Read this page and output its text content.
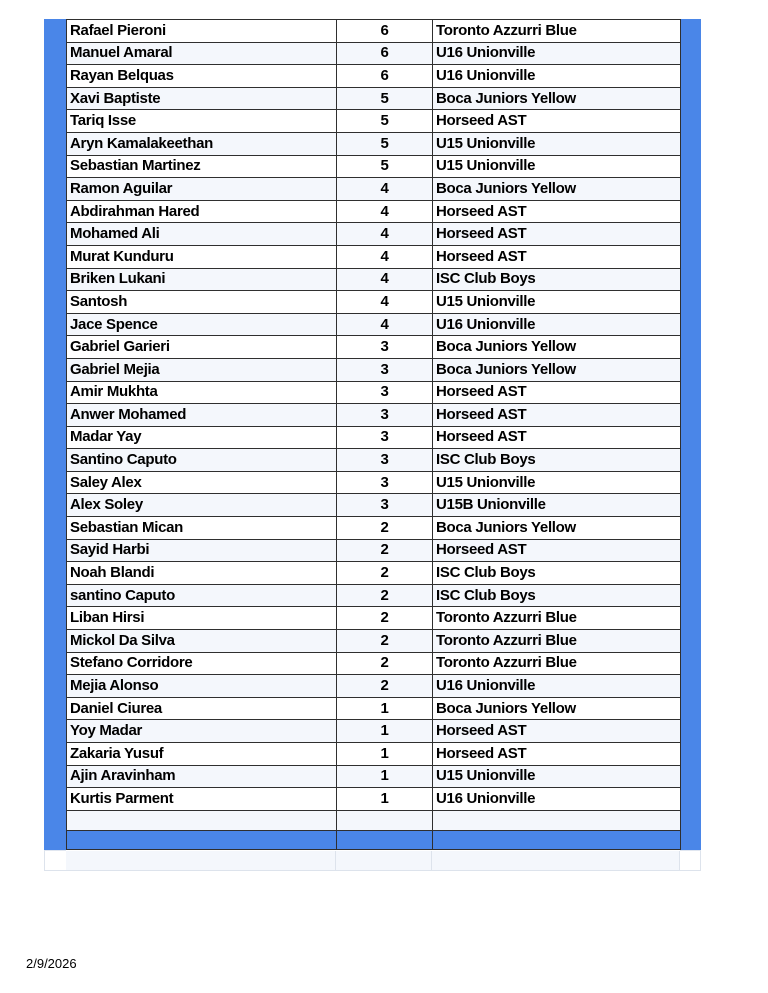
Rafael Pieroni	6	Toronto Azzurri Blue
Manuel Amaral	6	U16 Unionville
Rayan Belquas	6	U16 Unionville
Xavi Baptiste	5	Boca Juniors Yellow
Tariq Isse	5	Horseed AST
Aryn Kamalakeethan	5	U15 Unionville
Sebastian Martinez	5	U15 Unionville
Ramon Aguilar	4	Boca Juniors Yellow
Abdirahman Hared	4	Horseed AST
Mohamed Ali	4	Horseed AST
Murat Kunduru	4	Horseed AST
Briken Lukani	4	ISC Club Boys
Santosh	4	U15 Unionville
Jace Spence	4	U16 Unionville
Gabriel Garieri	3	Boca Juniors Yellow
Gabriel Mejia	3	Boca Juniors Yellow
Amir Mukhta	3	Horseed AST
Anwer Mohamed	3	Horseed AST
Madar Yay	3	Horseed AST
Santino Caputo	3	ISC Club Boys
Saley Alex	3	U15 Unionville
Alex Soley	3	U15B Unionville
Sebastian Mican	2	Boca Juniors Yellow
Sayid Harbi	2	Horseed AST
Noah Blandi	2	ISC Club Boys
santino Caputo	2	ISC Club Boys
Liban Hirsi	2	Toronto Azzurri Blue
Mickol Da Silva	2	Toronto Azzurri Blue
Stefano Corridore	2	Toronto Azzurri Blue
Mejia Alonso	2	U16 Unionville
Daniel Ciurea	1	Boca Juniors Yellow
Yoy Madar	1	Horseed AST
Zakaria Yusuf	1	Horseed AST
Ajin Aravinham	1	U15 Unionville
Kurtis Parment	1	U16 Unionville

2/9/2026
